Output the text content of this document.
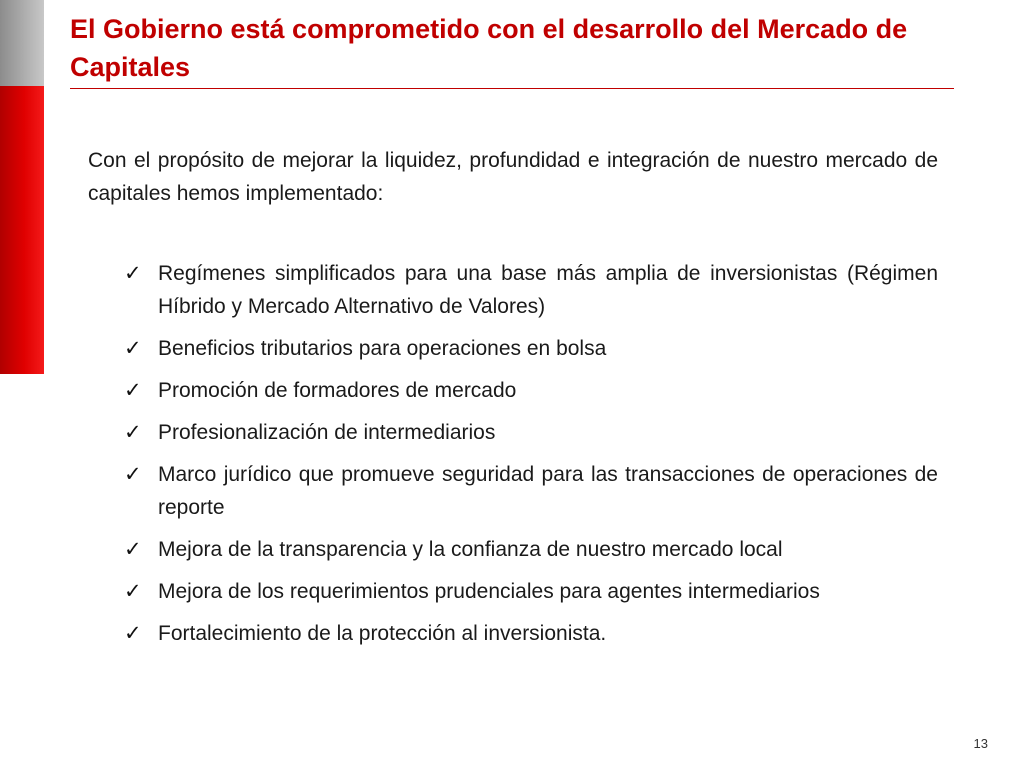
El Gobierno está comprometido con el desarrollo del Mercado de Capitales

Con el propósito de mejorar la liquidez, profundidad e integración de nuestro mercado de capitales hemos implementado:

✓ Regímenes simplificados para una base más amplia de inversionistas (Régimen Híbrido y Mercado Alternativo de Valores)
✓ Beneficios tributarios para operaciones en bolsa
✓ Promoción de formadores de mercado
✓ Profesionalización de intermediarios
✓ Marco jurídico que promueve seguridad para las transacciones de operaciones de reporte
✓ Mejora de la transparencia y la confianza de nuestro mercado local
✓ Mejora de los requerimientos prudenciales para agentes intermediarios
✓ Fortalecimiento de la protección al inversionista.
13
